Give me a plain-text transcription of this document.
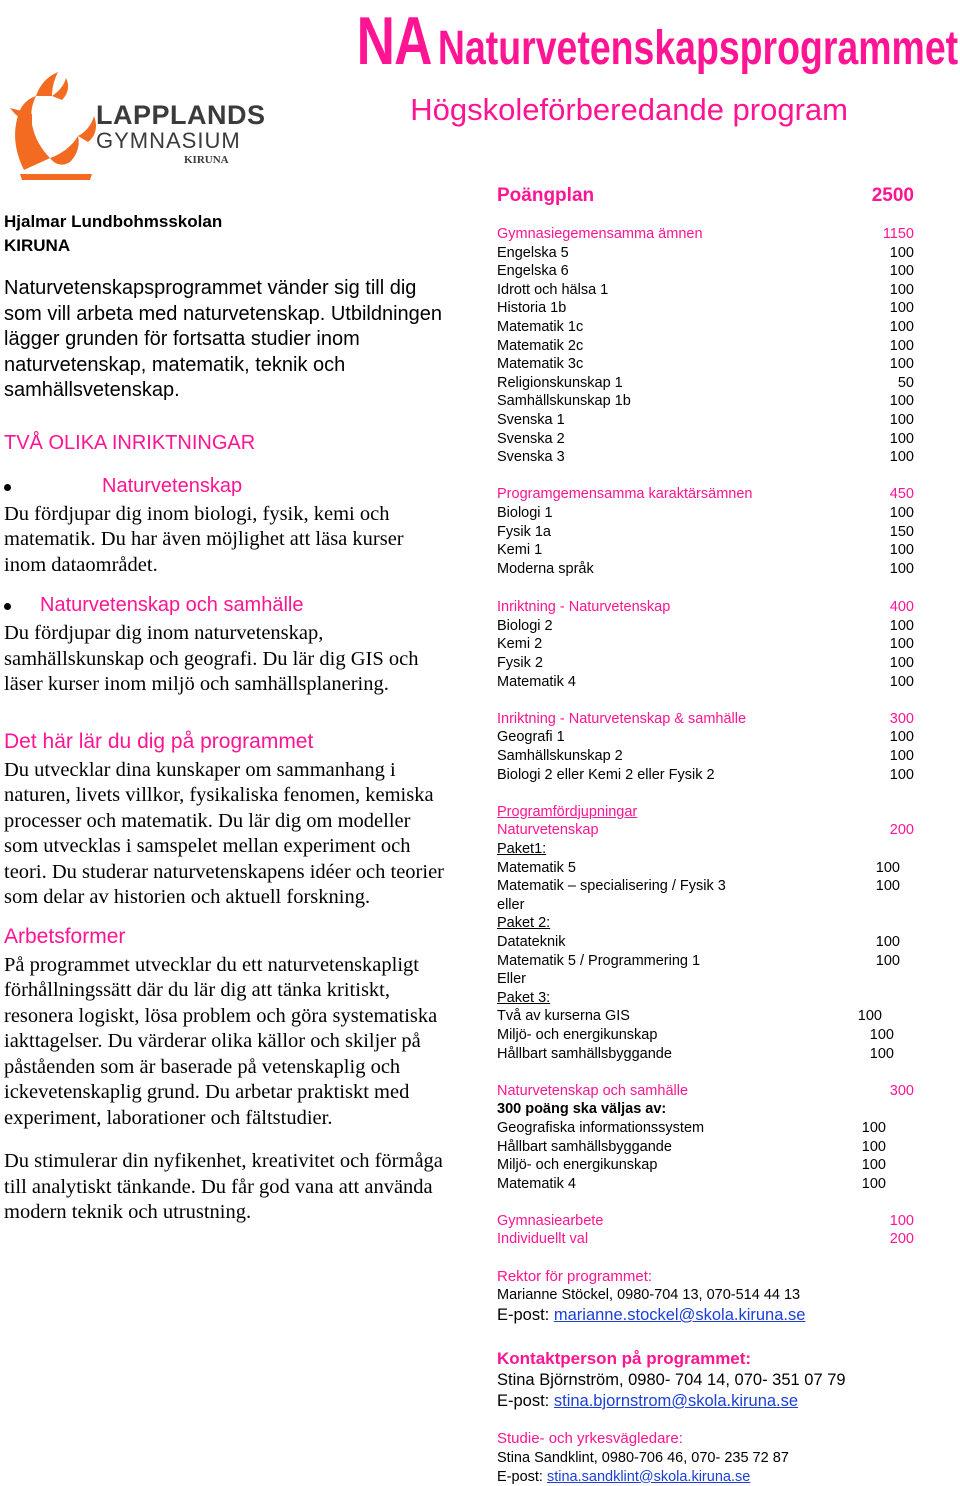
LAPPLANDS
GYMNASIUM
KIRUNA
NA Naturvetenskapsprogrammet
Högskoleförberedande program
Hjalmar Lundbohmsskolan
KIRUNA
Naturvetenskapsprogrammet vänder sig till dig som vill arbeta med naturvetenskap. Utbildningen lägger grunden för fortsatta studier inom naturvetenskap, matematik, teknik och samhällsvetenskap.
TVÅ OLIKA INRIKTNINGAR
Naturvetenskap
Du fördjupar dig inom biologi, fysik, kemi och matematik. Du har även möjlighet att läsa kurser inom dataområdet.
Naturvetenskap och samhälle
Du fördjupar dig inom naturvetenskap, samhällskunskap och geografi. Du lär dig GIS och läser kurser inom miljö och samhällsplanering.
Det här lär du dig på programmet
Du utvecklar dina kunskaper om sammanhang i naturen, livets villkor, fysikaliska fenomen, kemiska processer och matematik. Du lär dig om modeller som utvecklas i samspelet mellan experiment och teori. Du studerar naturvetenskapens idéer och teorier som delar av historien och aktuell forskning.
Arbetsformer
På programmet utvecklar du ett naturvetenskapligt förhållningssätt där du lär dig att tänka kritiskt, resonera logiskt, lösa problem och göra systematiska iakttagelser. Du värderar olika källor och skiljer på påståenden som är baserade på vetenskaplig och ickevetenskaplig grund. Du arbetar praktiskt med experiment, laborationer och fältstudier.
Du stimulerar din nyfikenhet, kreativitet och förmåga till analytiskt tänkande. Du får god vana att använda modern teknik och utrustning.
Poängplan	2500
Gymnasiegemensamma ämnen	1150
Engelska 5	100
Engelska 6	100
Idrott och hälsa 1	100
Historia 1b	100
Matematik 1c	100
Matematik 2c	100
Matematik 3c	100
Religionskunskap 1	50
Samhällskunskap 1b	100
Svenska 1	100
Svenska 2	100
Svenska 3	100
Programgemensamma karaktärsämnen	450
Biologi 1	100
Fysik 1a	150
Kemi 1	100
Moderna språk	100
Inriktning - Naturvetenskap	400
Biologi 2	100
Kemi 2	100
Fysik 2	100
Matematik 4	100
Inriktning - Naturvetenskap & samhälle	300
Geografi 1	100
Samhällskunskap 2	100
Biologi 2 eller Kemi 2 eller Fysik 2	100
Programfördjupningar
Naturvetenskap	200
Paket1:
Matematik 5	100
Matematik – specialisering / Fysik 3	100
eller
Paket 2:
Datateknik	100
Matematik 5 / Programmering 1	100
Eller
Paket 3:
Två av kurserna GIS	100
Miljö- och energikunskap	100
Hållbart samhällsbyggande	100
Naturvetenskap och samhälle	300
300 poäng ska väljas av:
Geografiska informationssystem	100
Hållbart samhällsbyggande	100
Miljö- och energikunskap	100
Matematik 4	100
Gymnasiearbete	100
Individuellt val	200
Rektor för programmet:
Marianne Stöckel, 0980-704 13, 070-514 44 13
E-post: marianne.stockel@skola.kiruna.se
Kontaktperson på programmet:
Stina Björnström, 0980- 704 14, 070- 351 07 79
E-post: stina.bjornstrom@skola.kiruna.se
Studie- och yrkesvägledare:
Stina Sandklint, 0980-706 46, 070- 235 72 87
E-post: stina.sandklint@skola.kiruna.se
